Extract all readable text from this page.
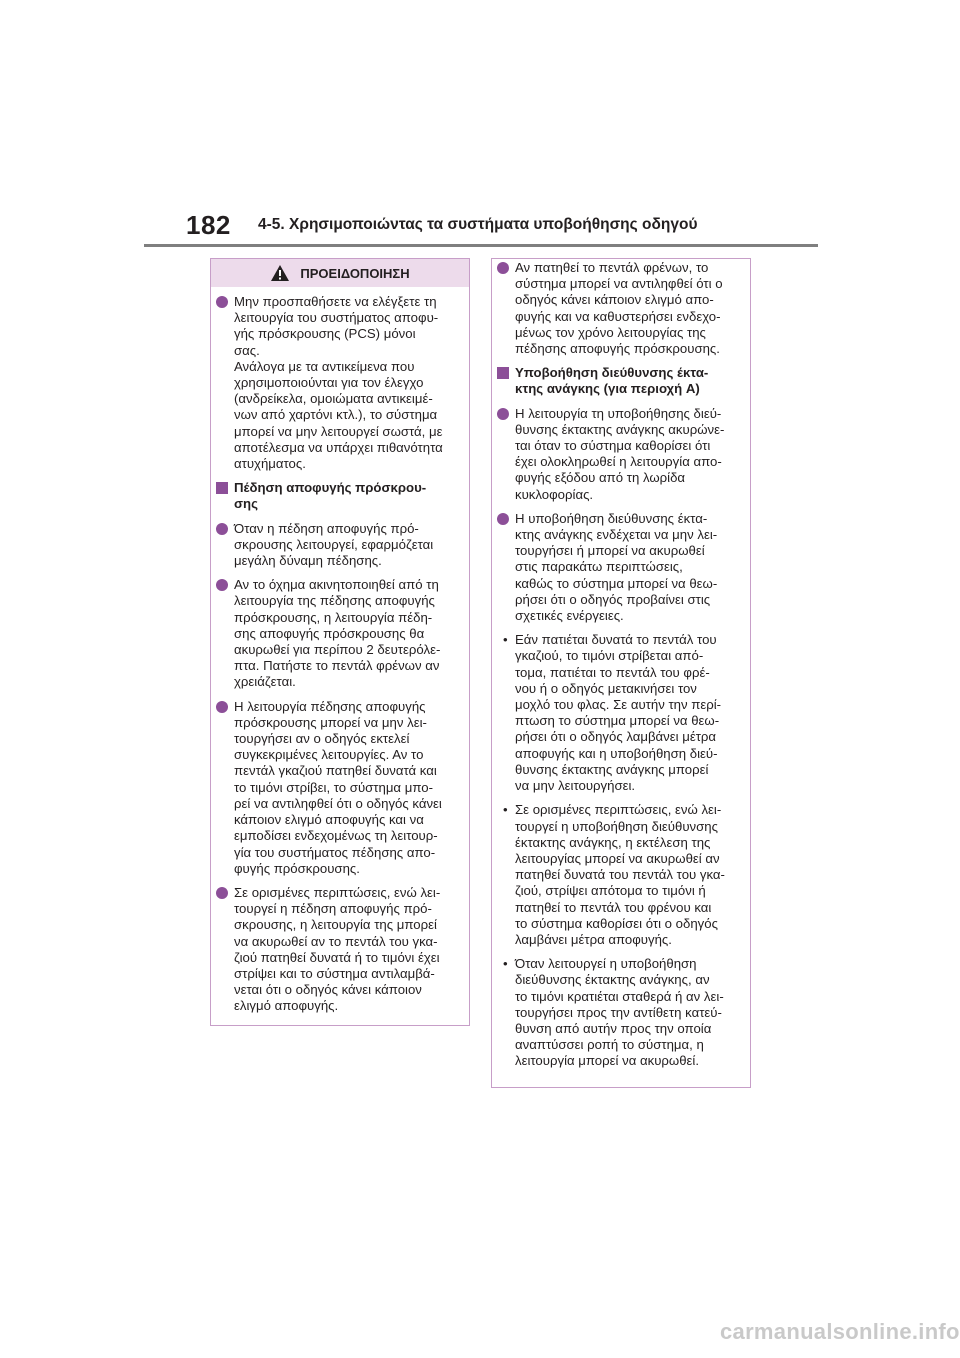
182 4-5. Χρησιμοποιώντας τα συστήματα υποβοήθησης οδηγού
ΠΡΟΕΙΔΟΠΟΙΗΣΗ
Μην προσπαθήσετε να ελέγξετε τη
λειτουργία του συστήματος αποφυ-
γής πρόσκρουσης (PCS) μόνοι
σας.
Ανάλογα με τα αντικείμενα που
χρησιμοποιούνται για τον έλεγχο
(ανδρείκελα, ομοιώματα αντικειμέ-
νων από χαρτόνι κτλ.), το σύστημα
μπορεί να μην λειτουργεί σωστά, με
αποτέλεσμα να υπάρχει πιθανότητα
ατυχήματος.
Πέδηση αποφυγής πρόσκρου-
σης
Όταν η πέδηση αποφυγής πρό-
σκρουσης λειτουργεί, εφαρμόζεται
μεγάλη δύναμη πέδησης.
Αν το όχημα ακινητοποιηθεί από τη
λειτουργία της πέδησης αποφυγής
πρόσκρουσης, η λειτουργία πέδη-
σης αποφυγής πρόσκρουσης θα
ακυρωθεί για περίπου 2 δευτερόλε-
πτα. Πατήστε το πεντάλ φρένων αν
χρειάζεται.
Η λειτουργία πέδησης αποφυγής
πρόσκρουσης μπορεί να μην λει-
τουργήσει αν ο οδηγός εκτελεί
συγκεκριμένες λειτουργίες. Αν το
πεντάλ γκαζιού πατηθεί δυνατά και
το τιμόνι στρίβει, το σύστημα μπο-
ρεί να αντιληφθεί ότι ο οδηγός κάνει
κάποιον ελιγμό αποφυγής και να
εμποδίσει ενδεχομένως τη λειτουρ-
γία του συστήματος πέδησης απο-
φυγής πρόσκρουσης.
Σε ορισμένες περιπτώσεις, ενώ λει-
τουργεί η πέδηση αποφυγής πρό-
σκρουσης, η λειτουργία της μπορεί
να ακυρωθεί αν το πεντάλ του γκα-
ζιού πατηθεί δυνατά ή το τιμόνι έχει
στρίψει και το σύστημα αντιλαμβά-
νεται ότι ο οδηγός κάνει κάποιον
ελιγμό αποφυγής.
Αν πατηθεί το πεντάλ φρένων, το
σύστημα μπορεί να αντιληφθεί ότι ο
οδηγός κάνει κάποιον ελιγμό απο-
φυγής και να καθυστερήσει ενδεχο-
μένως τον χρόνο λειτουργίας της
πέδησης αποφυγής πρόσκρουσης.
Υποβοήθηση διεύθυνσης έκτα-
κτης ανάγκης (για περιοχή A)
Η λειτουργία τη υποβοήθησης διεύ-
θυνσης έκτακτης ανάγκης ακυρώνε-
ται όταν το σύστημα καθορίσει ότι
έχει ολοκληρωθεί η λειτουργία απο-
φυγής εξόδου από τη λωρίδα
κυκλοφορίας.
Η υποβοήθηση διεύθυνσης έκτα-
κτης ανάγκης ενδέχεται να μην λει-
τουργήσει ή μπορεί να ακυρωθεί
στις παρακάτω περιπτώσεις,
καθώς το σύστημα μπορεί να θεω-
ρήσει ότι ο οδηγός προβαίνει στις
σχετικές ενέργειες.
• Εάν πατιέται δυνατά το πεντάλ του
γκαζιού, το τιμόνι στρίβεται από-
τομα, πατιέται το πεντάλ του φρέ-
νου ή ο οδηγός μετακινήσει τον
μοχλό του φλας. Σε αυτήν την περί-
πτωση το σύστημα μπορεί να θεω-
ρήσει ότι ο οδηγός λαμβάνει μέτρα
αποφυγής και η υποβοήθηση διεύ-
θυνσης έκτακτης ανάγκης μπορεί
να μην λειτουργήσει.
• Σε ορισμένες περιπτώσεις, ενώ λει-
τουργεί η υποβοήθηση διεύθυνσης
έκτακτης ανάγκης, η εκτέλεση της
λειτουργίας μπορεί να ακυρωθεί αν
πατηθεί δυνατά του πεντάλ του γκα-
ζιού, στρίψει απότομα το τιμόνι ή
πατηθεί το πεντάλ του φρένου και
το σύστημα καθορίσει ότι ο οδηγός
λαμβάνει μέτρα αποφυγής.
• Όταν λειτουργεί η υποβοήθηση
διεύθυνσης έκτακτης ανάγκης, αν
το τιμόνι κρατιέται σταθερά ή αν λει-
τουργήσει προς την αντίθετη κατεύ-
θυνση από αυτήν προς την οποία
αναπτύσσει ροπή το σύστημα, η
λειτουργία μπορεί να ακυρωθεί.
carmanualsonline.info
